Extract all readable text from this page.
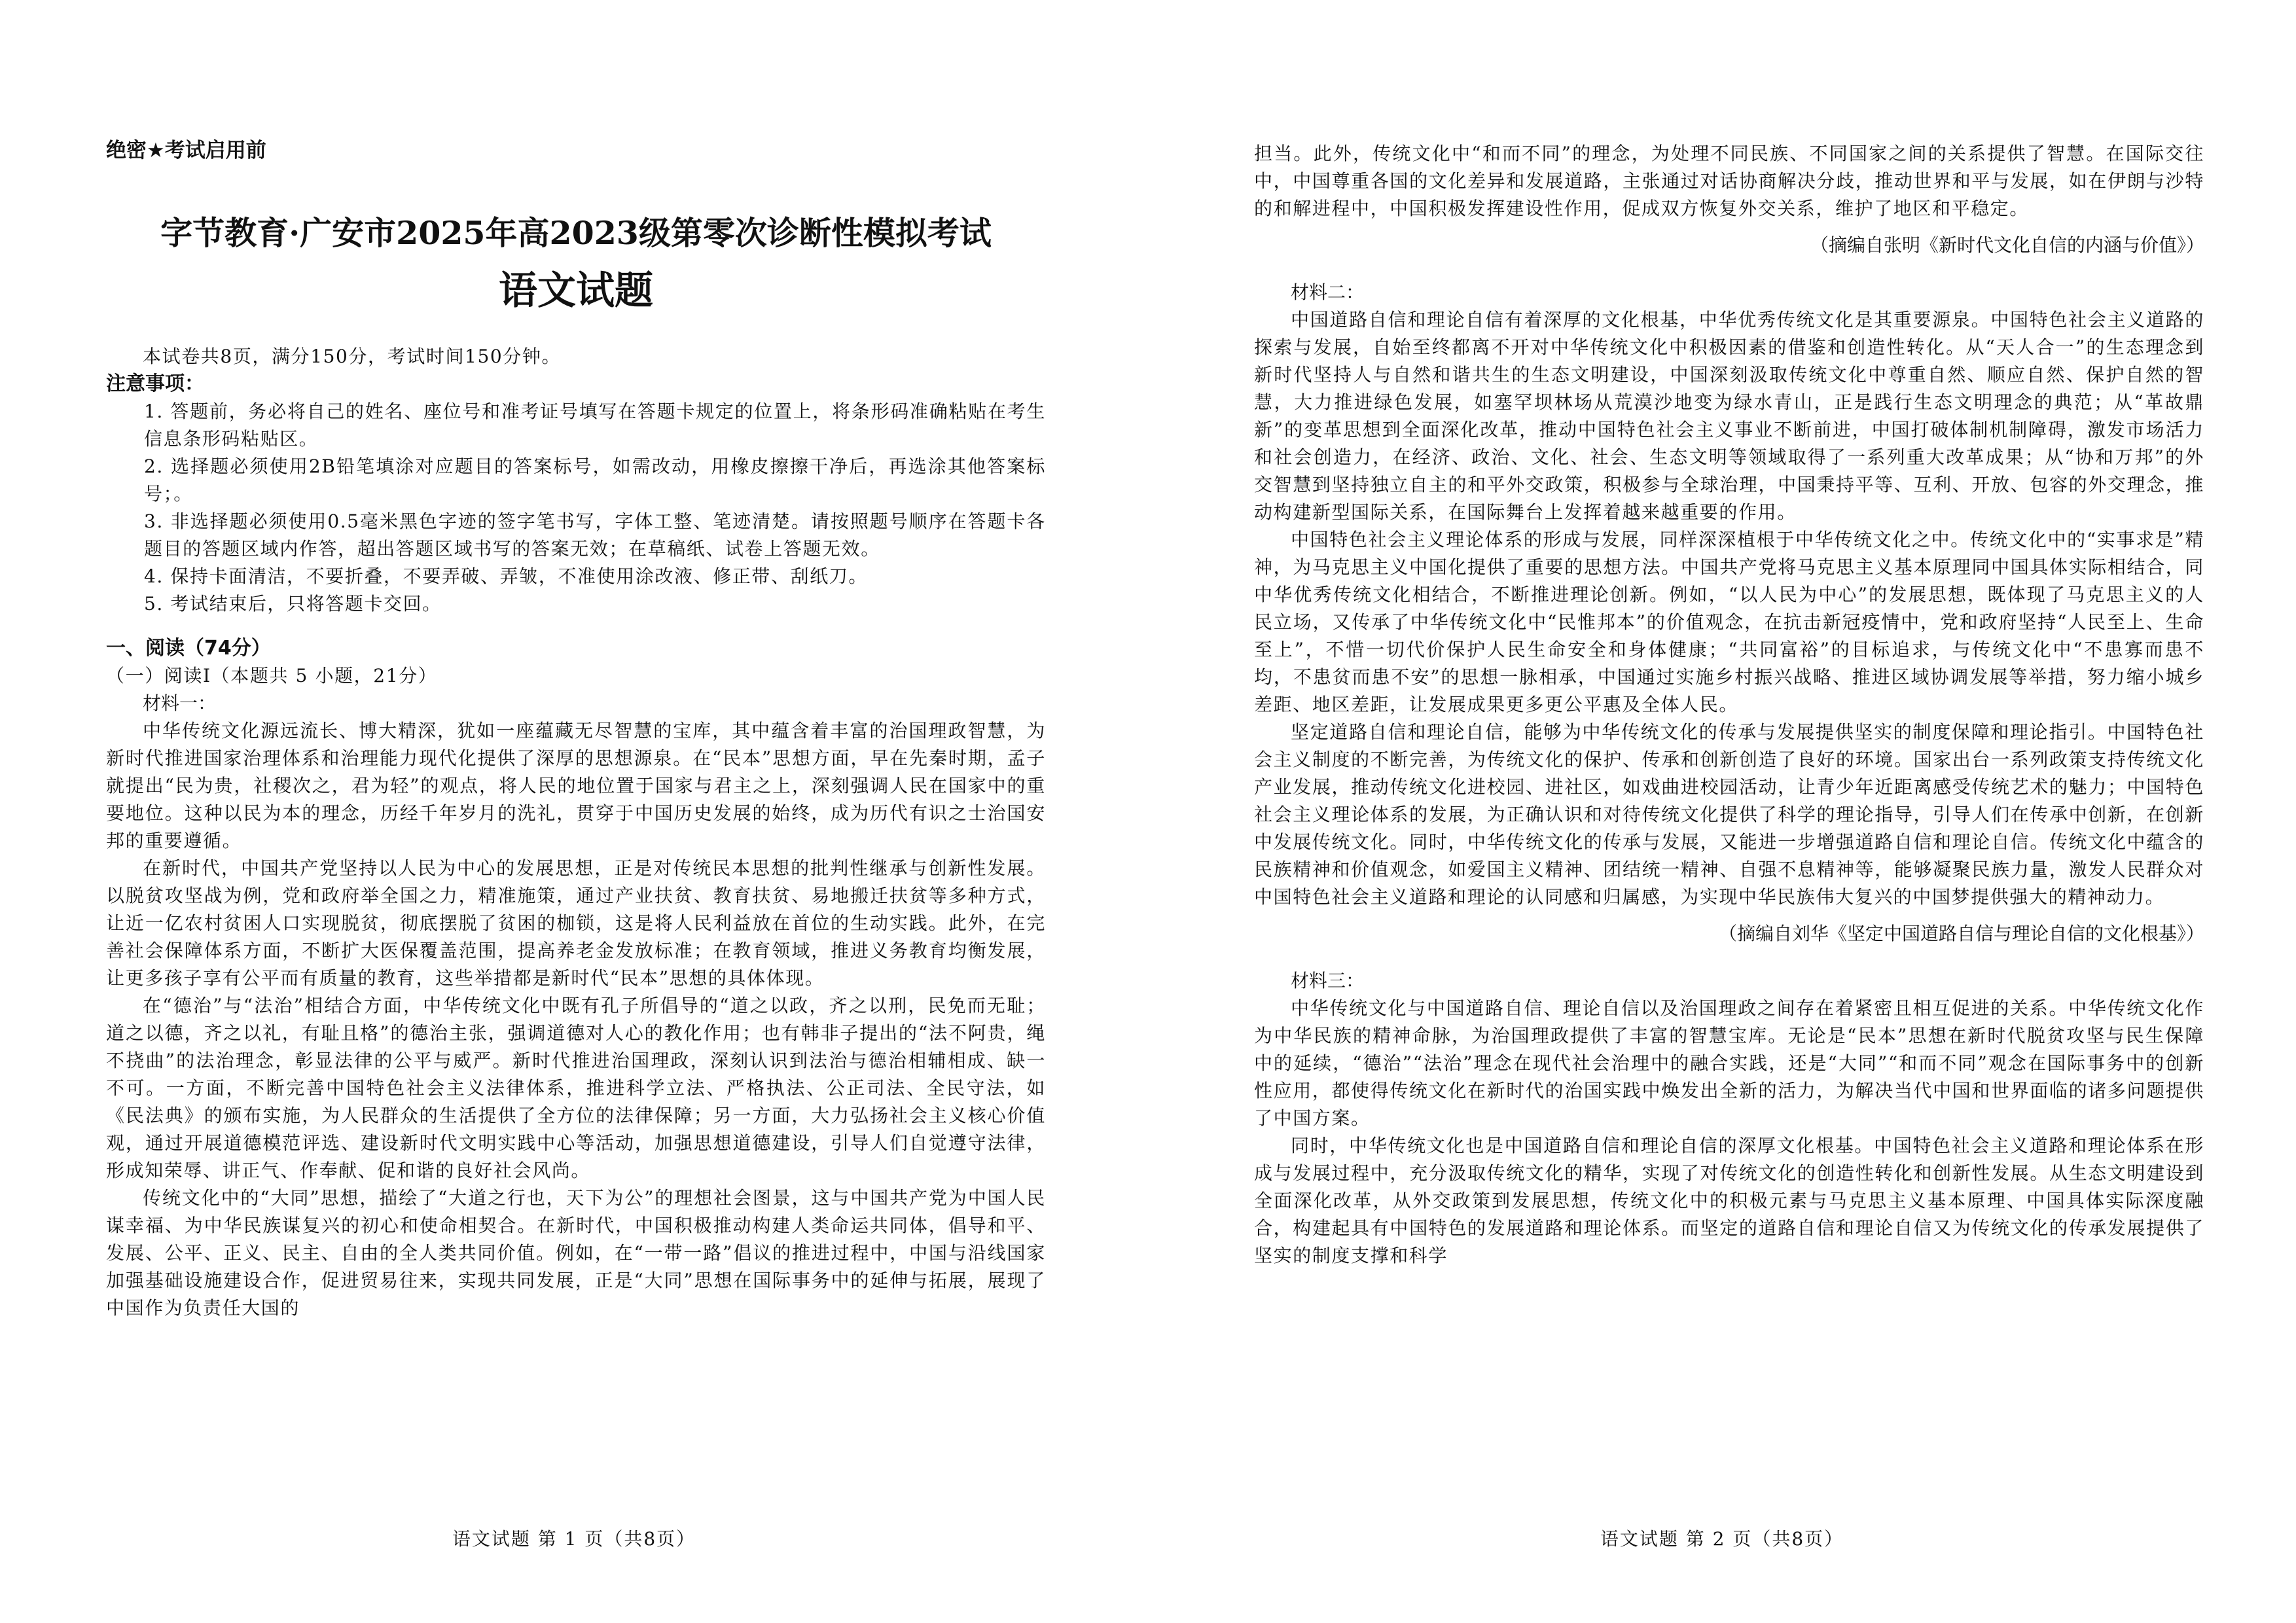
绝密★考试启用前

字节教育·广安市2025年高2023级第零次诊断性模拟考试

语文试题

本试卷共8页，满分150分，考试时间150分钟。

注意事项：

1. 答题前，务必将自己的姓名、座位号和准考证号填写在答题卡规定的位置上，将条形码准确粘贴在考生信息条形码粘贴区。

2. 选择题必须使用2B铅笔填涂对应题目的答案标号，如需改动，用橡皮擦擦干净后，再选涂其他答案标号；。

3. 非选择题必须使用0.5毫米黑色字迹的签字笔书写，字体工整、笔迹清楚。请按照题号顺序在答题卡各题目的答题区域内作答，超出答题区域书写的答案无效；在草稿纸、试卷上答题无效。

4. 保持卡面清洁，不要折叠，不要弄破、弄皱，不准使用涂改液、修正带、刮纸刀。

5. 考试结束后，只将答题卡交回。

一、阅读（74分）

（一）阅读Ⅰ（本题共 5 小题，21分）

材料一：

中华传统文化源远流长、博大精深，犹如一座蕴藏无尽智慧的宝库，其中蕴含着丰富的治国理政智慧，为新时代推进国家治理体系和治理能力现代化提供了深厚的思想源泉。在“民本”思想方面，早在先秦时期，孟子就提出“民为贵，社稷次之，君为轻”的观点，将人民的地位置于国家与君主之上，深刻强调人民在国家中的重要地位。这种以民为本的理念，历经千年岁月的洗礼，贯穿于中国历史发展的始终，成为历代有识之士治国安邦的重要遵循。

在新时代，中国共产党坚持以人民为中心的发展思想，正是对传统民本思想的批判性继承与创新性发展。以脱贫攻坚战为例，党和政府举全国之力，精准施策，通过产业扶贫、教育扶贫、易地搬迁扶贫等多种方式，让近一亿农村贫困人口实现脱贫，彻底摆脱了贫困的枷锁，这是将人民利益放在首位的生动实践。此外，在完善社会保障体系方面，不断扩大医保覆盖范围，提高养老金发放标准；在教育领域，推进义务教育均衡发展，让更多孩子享有公平而有质量的教育，这些举措都是新时代“民本”思想的具体体现。

在“德治”与“法治”相结合方面，中华传统文化中既有孔子所倡导的“道之以政，齐之以刑，民免而无耻；道之以德，齐之以礼，有耻且格”的德治主张，强调道德对人心的教化作用；也有韩非子提出的“法不阿贵，绳不挠曲”的法治理念，彰显法律的公平与威严。新时代推进治国理政，深刻认识到法治与德治相辅相成、缺一不可。一方面，不断完善中国特色社会主义法律体系，推进科学立法、严格执法、公正司法、全民守法，如《民法典》的颁布实施，为人民群众的生活提供了全方位的法律保障；另一方面，大力弘扬社会主义核心价值观，通过开展道德模范评选、建设新时代文明实践中心等活动，加强思想道德建设，引导人们自觉遵守法律，形成知荣辱、讲正气、作奉献、促和谐的良好社会风尚。

传统文化中的“大同”思想，描绘了“大道之行也，天下为公”的理想社会图景，这与中国共产党为中国人民谋幸福、为中华民族谋复兴的初心和使命相契合。在新时代，中国积极推动构建人类命运共同体，倡导和平、发展、公平、正义、民主、自由的全人类共同价值。例如，在“一带一路”倡议的推进过程中，中国与沿线国家加强基础设施建设合作，促进贸易往来，实现共同发展，正是“大同”思想在国际事务中的延伸与拓展，展现了中国作为负责任大国的

语文试题 第 1 页（共8页）

担当。此外，传统文化中“和而不同”的理念，为处理不同民族、不同国家之间的关系提供了智慧。在国际交往中，中国尊重各国的文化差异和发展道路，主张通过对话协商解决分歧，推动世界和平与发展，如在伊朗与沙特的和解进程中，中国积极发挥建设性作用，促成双方恢复外交关系，维护了地区和平稳定。

（摘编自张明《新时代文化自信的内涵与价值》）

材料二：

中国道路自信和理论自信有着深厚的文化根基，中华优秀传统文化是其重要源泉。中国特色社会主义道路的探索与发展，自始至终都离不开对中华传统文化中积极因素的借鉴和创造性转化。从“天人合一”的生态理念到新时代坚持人与自然和谐共生的生态文明建设，中国深刻汲取传统文化中尊重自然、顺应自然、保护自然的智慧，大力推进绿色发展，如塞罕坝林场从荒漠沙地变为绿水青山，正是践行生态文明理念的典范；从“革故鼎新”的变革思想到全面深化改革，推动中国特色社会主义事业不断前进，中国打破体制机制障碍，激发市场活力和社会创造力，在经济、政治、文化、社会、生态文明等领域取得了一系列重大改革成果；从“协和万邦”的外交智慧到坚持独立自主的和平外交政策，积极参与全球治理，中国秉持平等、互利、开放、包容的外交理念，推动构建新型国际关系，在国际舞台上发挥着越来越重要的作用。

中国特色社会主义理论体系的形成与发展，同样深深植根于中华传统文化之中。传统文化中的“实事求是”精神，为马克思主义中国化提供了重要的思想方法。中国共产党将马克思主义基本原理同中国具体实际相结合，同中华优秀传统文化相结合，不断推进理论创新。例如，“以人民为中心”的发展思想，既体现了马克思主义的人民立场，又传承了中华传统文化中“民惟邦本”的价值观念，在抗击新冠疫情中，党和政府坚持“人民至上、生命至上”，不惜一切代价保护人民生命安全和身体健康；“共同富裕”的目标追求，与传统文化中“不患寡而患不均，不患贫而患不安”的思想一脉相承，中国通过实施乡村振兴战略、推进区域协调发展等举措，努力缩小城乡差距、地区差距，让发展成果更多更公平惠及全体人民。

坚定道路自信和理论自信，能够为中华传统文化的传承与发展提供坚实的制度保障和理论指引。中国特色社会主义制度的不断完善，为传统文化的保护、传承和创新创造了良好的环境。国家出台一系列政策支持传统文化产业发展，推动传统文化进校园、进社区，如戏曲进校园活动，让青少年近距离感受传统艺术的魅力；中国特色社会主义理论体系的发展，为正确认识和对待传统文化提供了科学的理论指导，引导人们在传承中创新，在创新中发展传统文化。同时，中华传统文化的传承与发展，又能进一步增强道路自信和理论自信。传统文化中蕴含的民族精神和价值观念，如爱国主义精神、团结统一精神、自强不息精神等，能够凝聚民族力量，激发人民群众对中国特色社会主义道路和理论的认同感和归属感，为实现中华民族伟大复兴的中国梦提供强大的精神动力。

（摘编自刘华《坚定中国道路自信与理论自信的文化根基》）

材料三：

中华传统文化与中国道路自信、理论自信以及治国理政之间存在着紧密且相互促进的关系。中华传统文化作为中华民族的精神命脉，为治国理政提供了丰富的智慧宝库。无论是“民本”思想在新时代脱贫攻坚与民生保障中的延续，“德治”“法治”理念在现代社会治理中的融合实践，还是“大同”“和而不同”观念在国际事务中的创新性应用，都使得传统文化在新时代的治国实践中焕发出全新的活力，为解决当代中国和世界面临的诸多问题提供了中国方案。

同时，中华传统文化也是中国道路自信和理论自信的深厚文化根基。中国特色社会主义道路和理论体系在形成与发展过程中，充分汲取传统文化的精华，实现了对传统文化的创造性转化和创新性发展。从生态文明建设到全面深化改革，从外交政策到发展思想，传统文化中的积极元素与马克思主义基本原理、中国具体实际深度融合，构建起具有中国特色的发展道路和理论体系。而坚定的道路自信和理论自信又为传统文化的传承发展提供了坚实的制度支撑和科学

语文试题 第 2 页（共8页）
